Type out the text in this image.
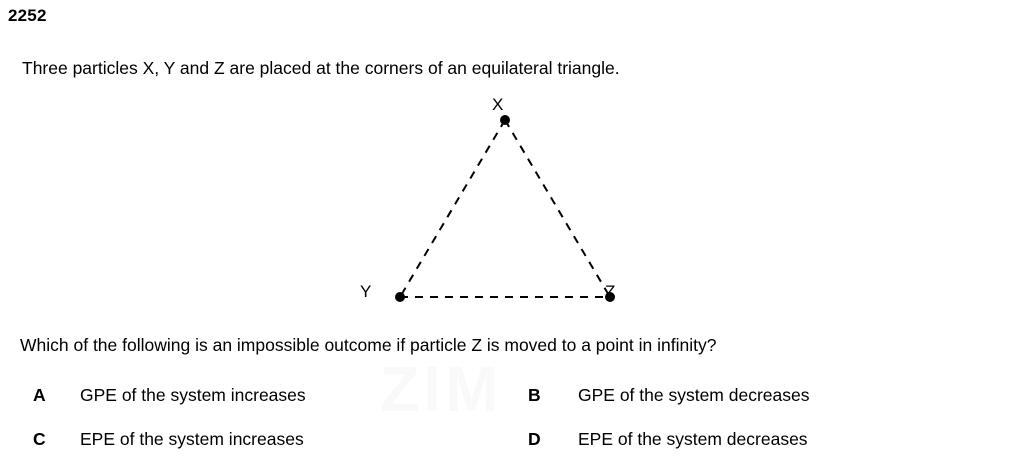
2252
Three particles X, Y and Z are placed at the corners of an equilateral triangle.
ZIM
X
Y	Z
Which of the following is an impossible outcome if particle Z is moved to a point in infinity?
A GPE of the system increases	B GPE of the system decreases
C EPE of the system increases	D EPE of the system decreases
